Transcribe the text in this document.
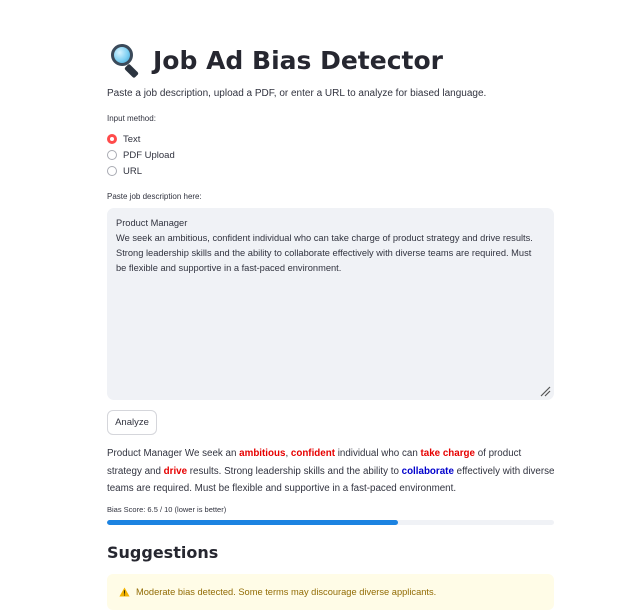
Job Ad Bias Detector
Paste a job description, upload a PDF, or enter a URL to analyze for biased language.
Input method:
Text
PDF Upload
URL
Paste job description here:
Product Manager
We seek an ambitious, confident individual who can take charge of product strategy and drive results.
Strong leadership skills and the ability to collaborate effectively with diverse teams are required. Must
be flexible and supportive in a fast-paced environment.
Analyze
Product Manager We seek an ambitious, confident individual who can take charge of product strategy and drive results. Strong leadership skills and the ability to collaborate effectively with diverse teams are required. Must be flexible and supportive in a fast-paced environment.
Bias Score: 6.5 / 10 (lower is better)
Suggestions
Moderate bias detected. Some terms may discourage diverse applicants.
